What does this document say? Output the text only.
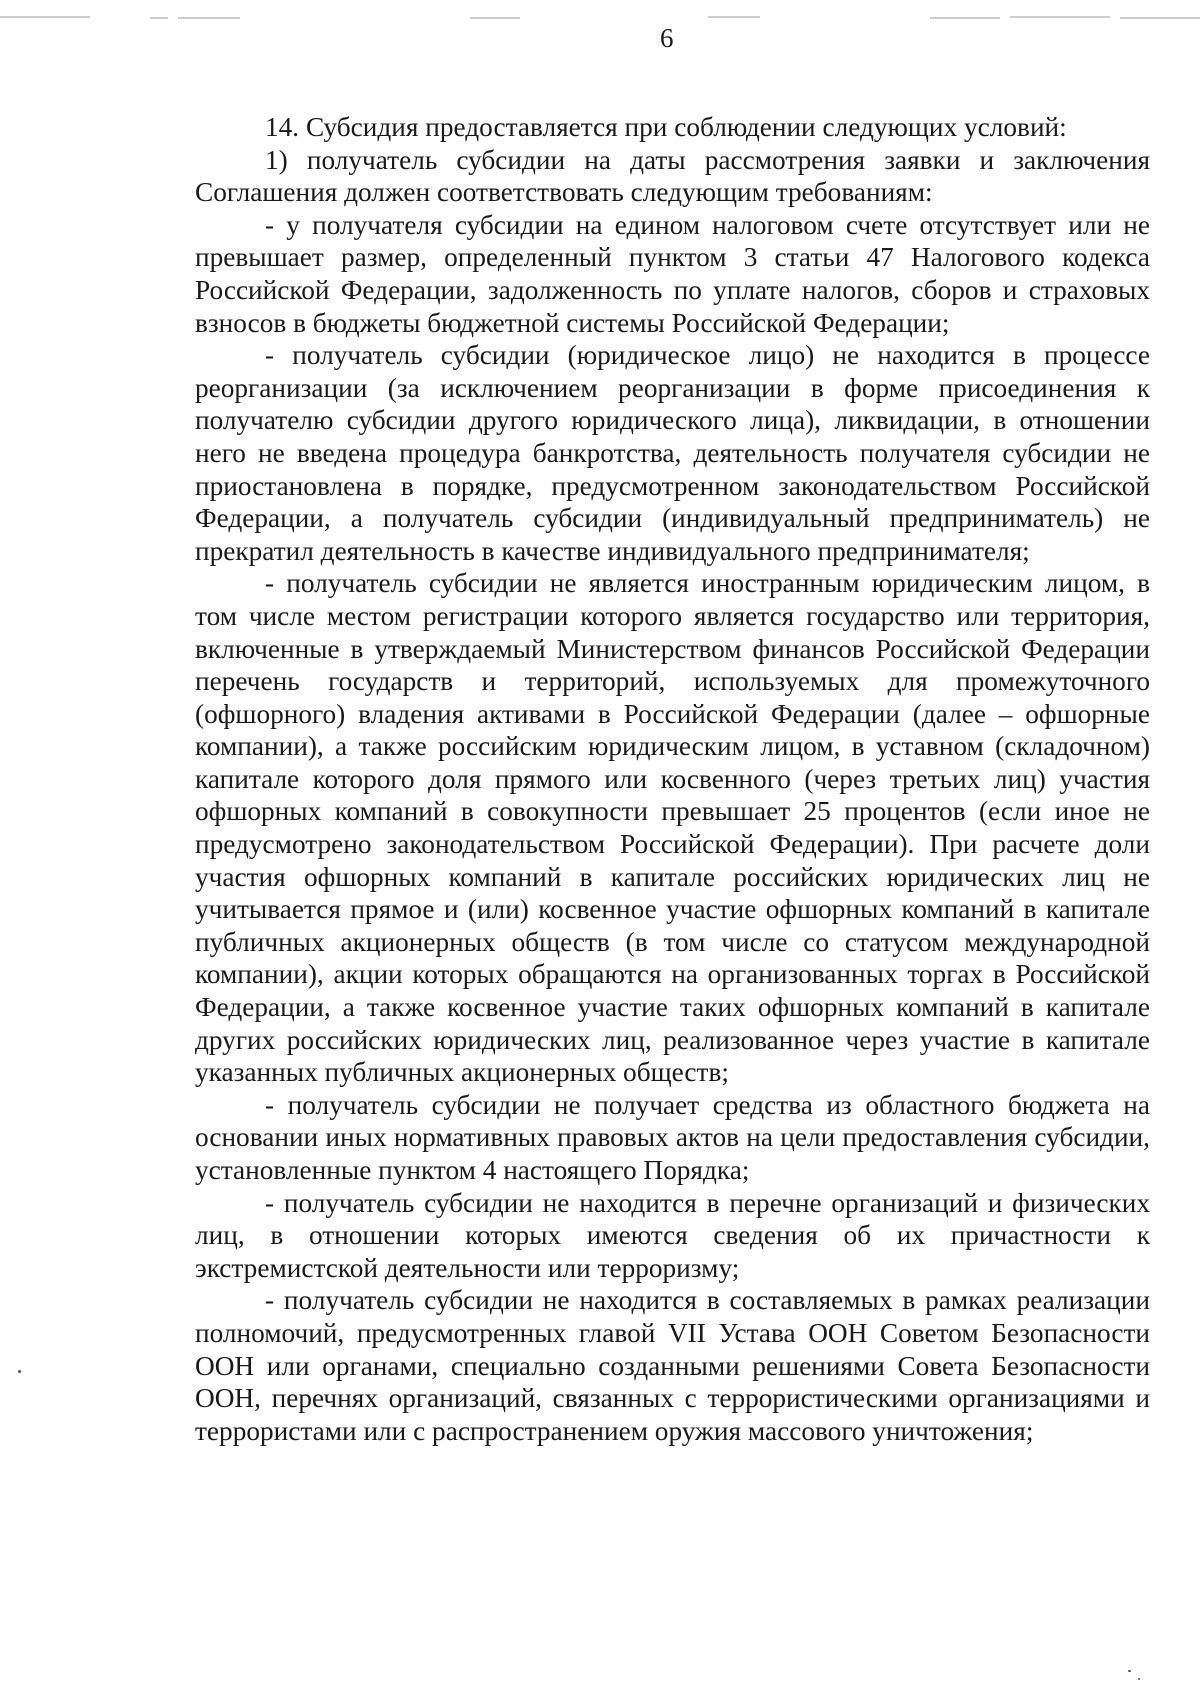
6

14. Субсидия предоставляется при соблюдении следующих условий:

1) получатель субсидии на даты рассмотрения заявки и заключения Соглашения должен соответствовать следующим требованиям:

- у получателя субсидии на едином налоговом счете отсутствует или не превышает размер, определенный пунктом 3 статьи 47 Налогового кодекса Российской Федерации, задолженность по уплате налогов, сборов и страховых взносов в бюджеты бюджетной системы Российской Федерации;

- получатель субсидии (юридическое лицо) не находится в процессе реорганизации (за исключением реорганизации в форме присоединения к получателю субсидии другого юридического лица), ликвидации, в отношении него не введена процедура банкротства, деятельность получателя субсидии не приостановлена в порядке, предусмотренном законодательством Российской Федерации, а получатель субсидии (индивидуальный предприниматель) не прекратил деятельность в качестве индивидуального предпринимателя;

- получатель субсидии не является иностранным юридическим лицом, в том числе местом регистрации которого является государство или территория, включенные в утверждаемый Министерством финансов Российской Федерации перечень государств и территорий, используемых для промежуточного (офшорного) владения активами в Российской Федерации (далее – офшорные компании), а также российским юридическим лицом, в уставном (складочном) капитале которого доля прямого или косвенного (через третьих лиц) участия офшорных компаний в совокупности превышает 25 процентов (если иное не предусмотрено законодательством Российской Федерации). При расчете доли участия офшорных компаний в капитале российских юридических лиц не учитывается прямое и (или) косвенное участие офшорных компаний в капитале публичных акционерных обществ (в том числе со статусом международной компании), акции которых обращаются на организованных торгах в Российской Федерации, а также косвенное участие таких офшорных компаний в капитале других российских юридических лиц, реализованное через участие в капитале указанных публичных акционерных обществ;

- получатель субсидии не получает средства из областного бюджета на основании иных нормативных правовых актов на цели предоставления субсидии, установленные пунктом 4 настоящего Порядка;

- получатель субсидии не находится в перечне организаций и физических лиц, в отношении которых имеются сведения об их причастности к экстремистской деятельности или терроризму;

- получатель субсидии не находится в составляемых в рамках реализации полномочий, предусмотренных главой VII Устава ООН Советом Безопасности ООН или органами, специально созданными решениями Совета Безопасности ООН, перечнях организаций, связанных с террористическими организациями и террористами или с распространением оружия массового уничтожения;
